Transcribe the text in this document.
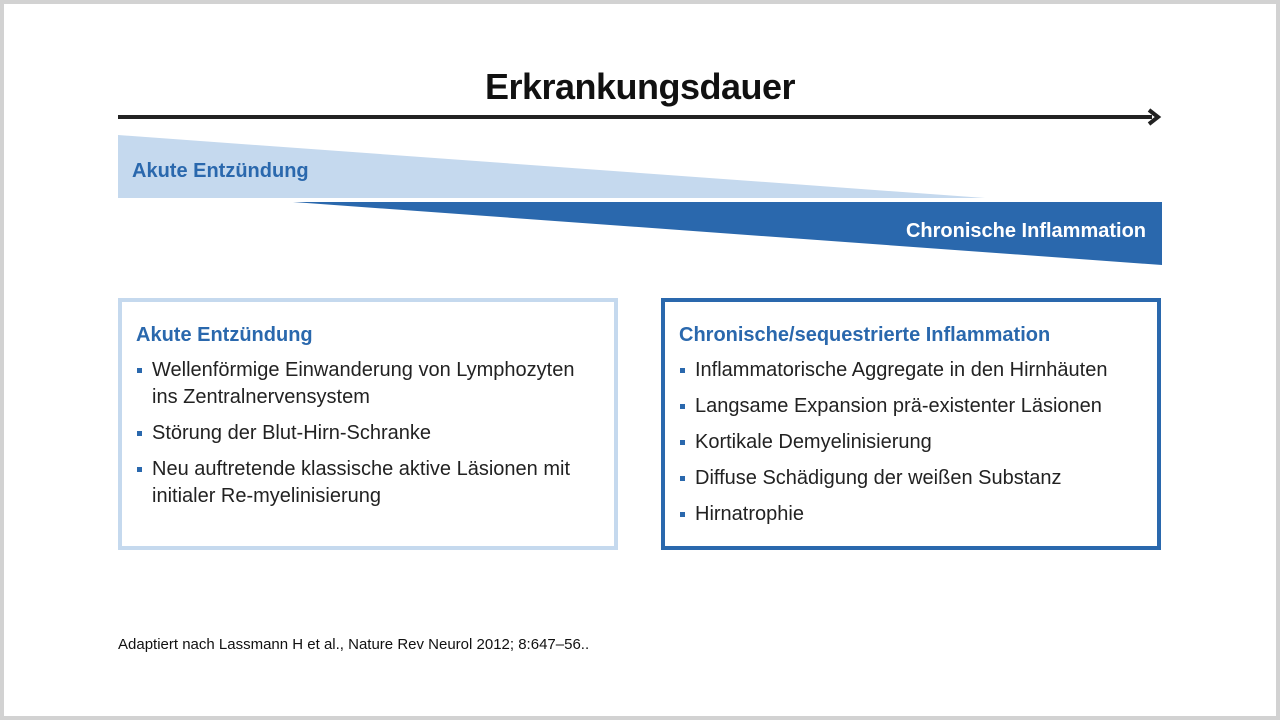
Erkrankungsdauer
Akute Entzündung
Chronische Inflammation
Akute Entzündung
Wellenförmige Einwanderung von Lymphozyten ins Zentralnervensystem
Störung der Blut-Hirn-Schranke
Neu auftretende klassische aktive Läsionen mit initialer Re-myelinisierung
Chronische/sequestrierte Inflammation
Inflammatorische Aggregate in den Hirnhäuten
Langsame Expansion prä-existenter Läsionen
Kortikale Demyelinisierung
Diffuse Schädigung der weißen Substanz
Hirnatrophie
Adaptiert nach Lassmann H et al., Nature Rev Neurol 2012; 8:647–56..
